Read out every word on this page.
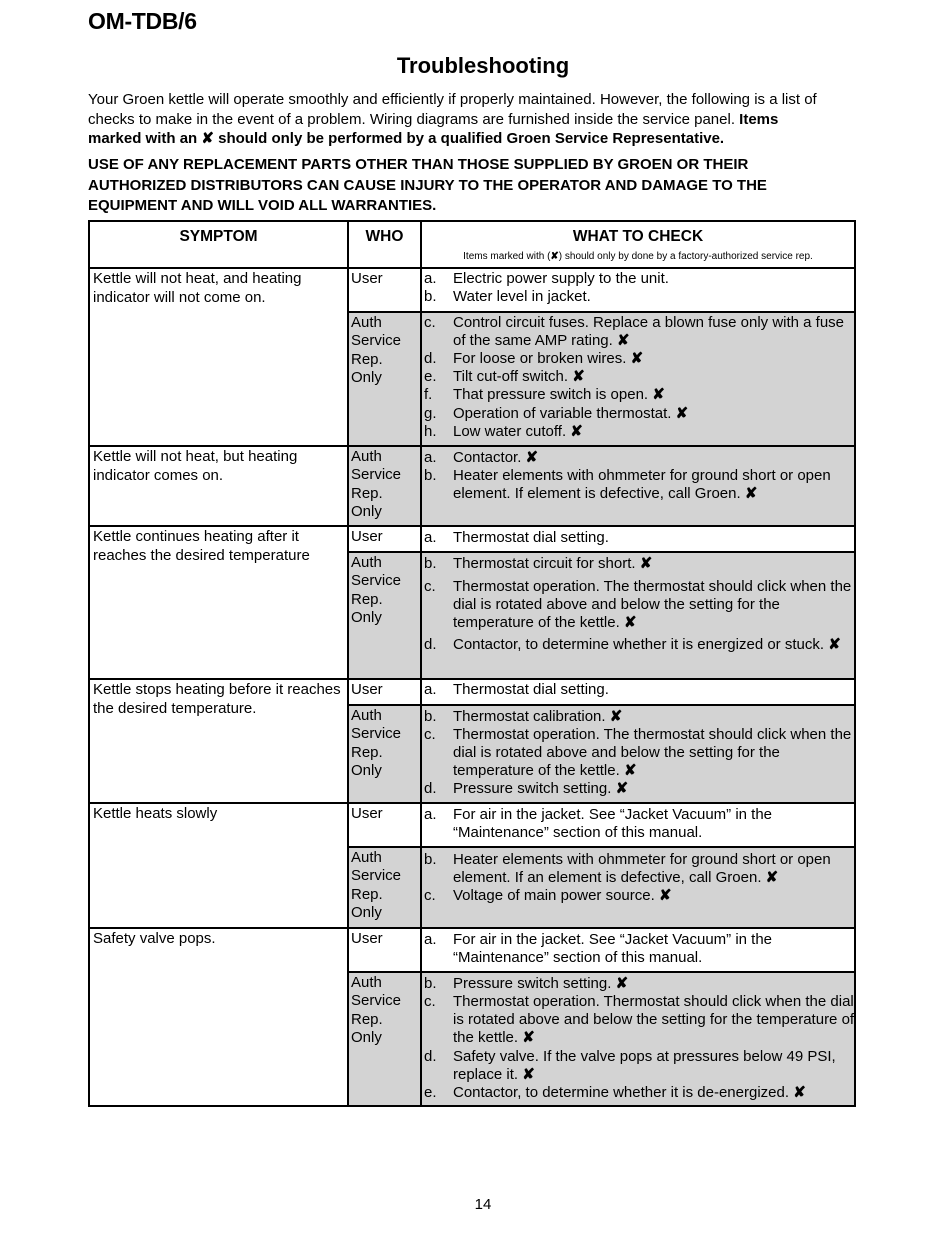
OM-TDB/6
Troubleshooting
Your Groen kettle will operate smoothly and efficiently if properly maintained. However, the following is a list of checks to make in the event of a problem. Wiring diagrams are furnished inside the service panel. Items marked with an ✘ should only be performed by a qualified Groen Service Representative.
USE OF ANY REPLACEMENT PARTS OTHER THAN THOSE SUPPLIED BY GROEN OR THEIR AUTHORIZED DISTRIBUTORS CAN CAUSE INJURY TO THE OPERATOR AND DAMAGE TO THE EQUIPMENT AND WILL VOID ALL WARRANTIES.
SYMPTOM	WHO	WHAT TO CHECK
Items marked with (✘) should only by done by a factory-authorized service rep.
Kettle will not heat, and heating indicator will not come on.
Kettle will not heat, but heating indicator comes on.
Kettle continues heating after it reaches the desired temperature
Kettle stops heating before it reaches the desired temperature.
Kettle heats slowly
Safety valve pops.
User
Auth
Service
Rep.
Only
Auth
Service
Rep.
Only
User
Auth
Service
Rep.
Only
User
Auth
Service
Rep.
Only
User
Auth
Service
Rep.
Only
User
Auth
Service
Rep.
Only
a. Electric power supply to the unit.
b. Water level in jacket.
c. Control circuit fuses. Replace a blown fuse only with a fuse of the same AMP rating. ✘
d. For loose or broken wires. ✘
e. Tilt cut-off switch. ✘
f. That pressure switch is open. ✘
g. Operation of variable thermostat. ✘
h. Low water cutoff. ✘
a. Contactor. ✘
b. Heater elements with ohmmeter for ground short or open element. If element is defective, call Groen. ✘
a. Thermostat dial setting.
b. Thermostat circuit for short. ✘
c. Thermostat operation. The thermostat should click when the dial is rotated above and below the setting for the temperature of the kettle. ✘
d. Contactor, to determine whether it is energized or stuck. ✘
a. Thermostat dial setting.
b. Thermostat calibration. ✘
c. Thermostat operation. The thermostat should click when the dial is rotated above and below the setting for the temperature of the kettle. ✘
d. Pressure switch setting. ✘
a. For air in the jacket. See “Jacket Vacuum” in the “Maintenance” section of this manual.
b. Heater elements with ohmmeter for ground short or open element. If an element is defective, call Groen. ✘
c. Voltage of main power source. ✘
a. For air in the jacket. See “Jacket Vacuum” in the “Maintenance” section of this manual.
b. Pressure switch setting. ✘
c. Thermostat operation. Thermostat should click when the dial is rotated above and below the setting for the temperature of the kettle. ✘
d. Safety valve. If the valve pops at pressures below 49 PSI, replace it. ✘
e. Contactor, to determine whether it is de-energized. ✘
14
